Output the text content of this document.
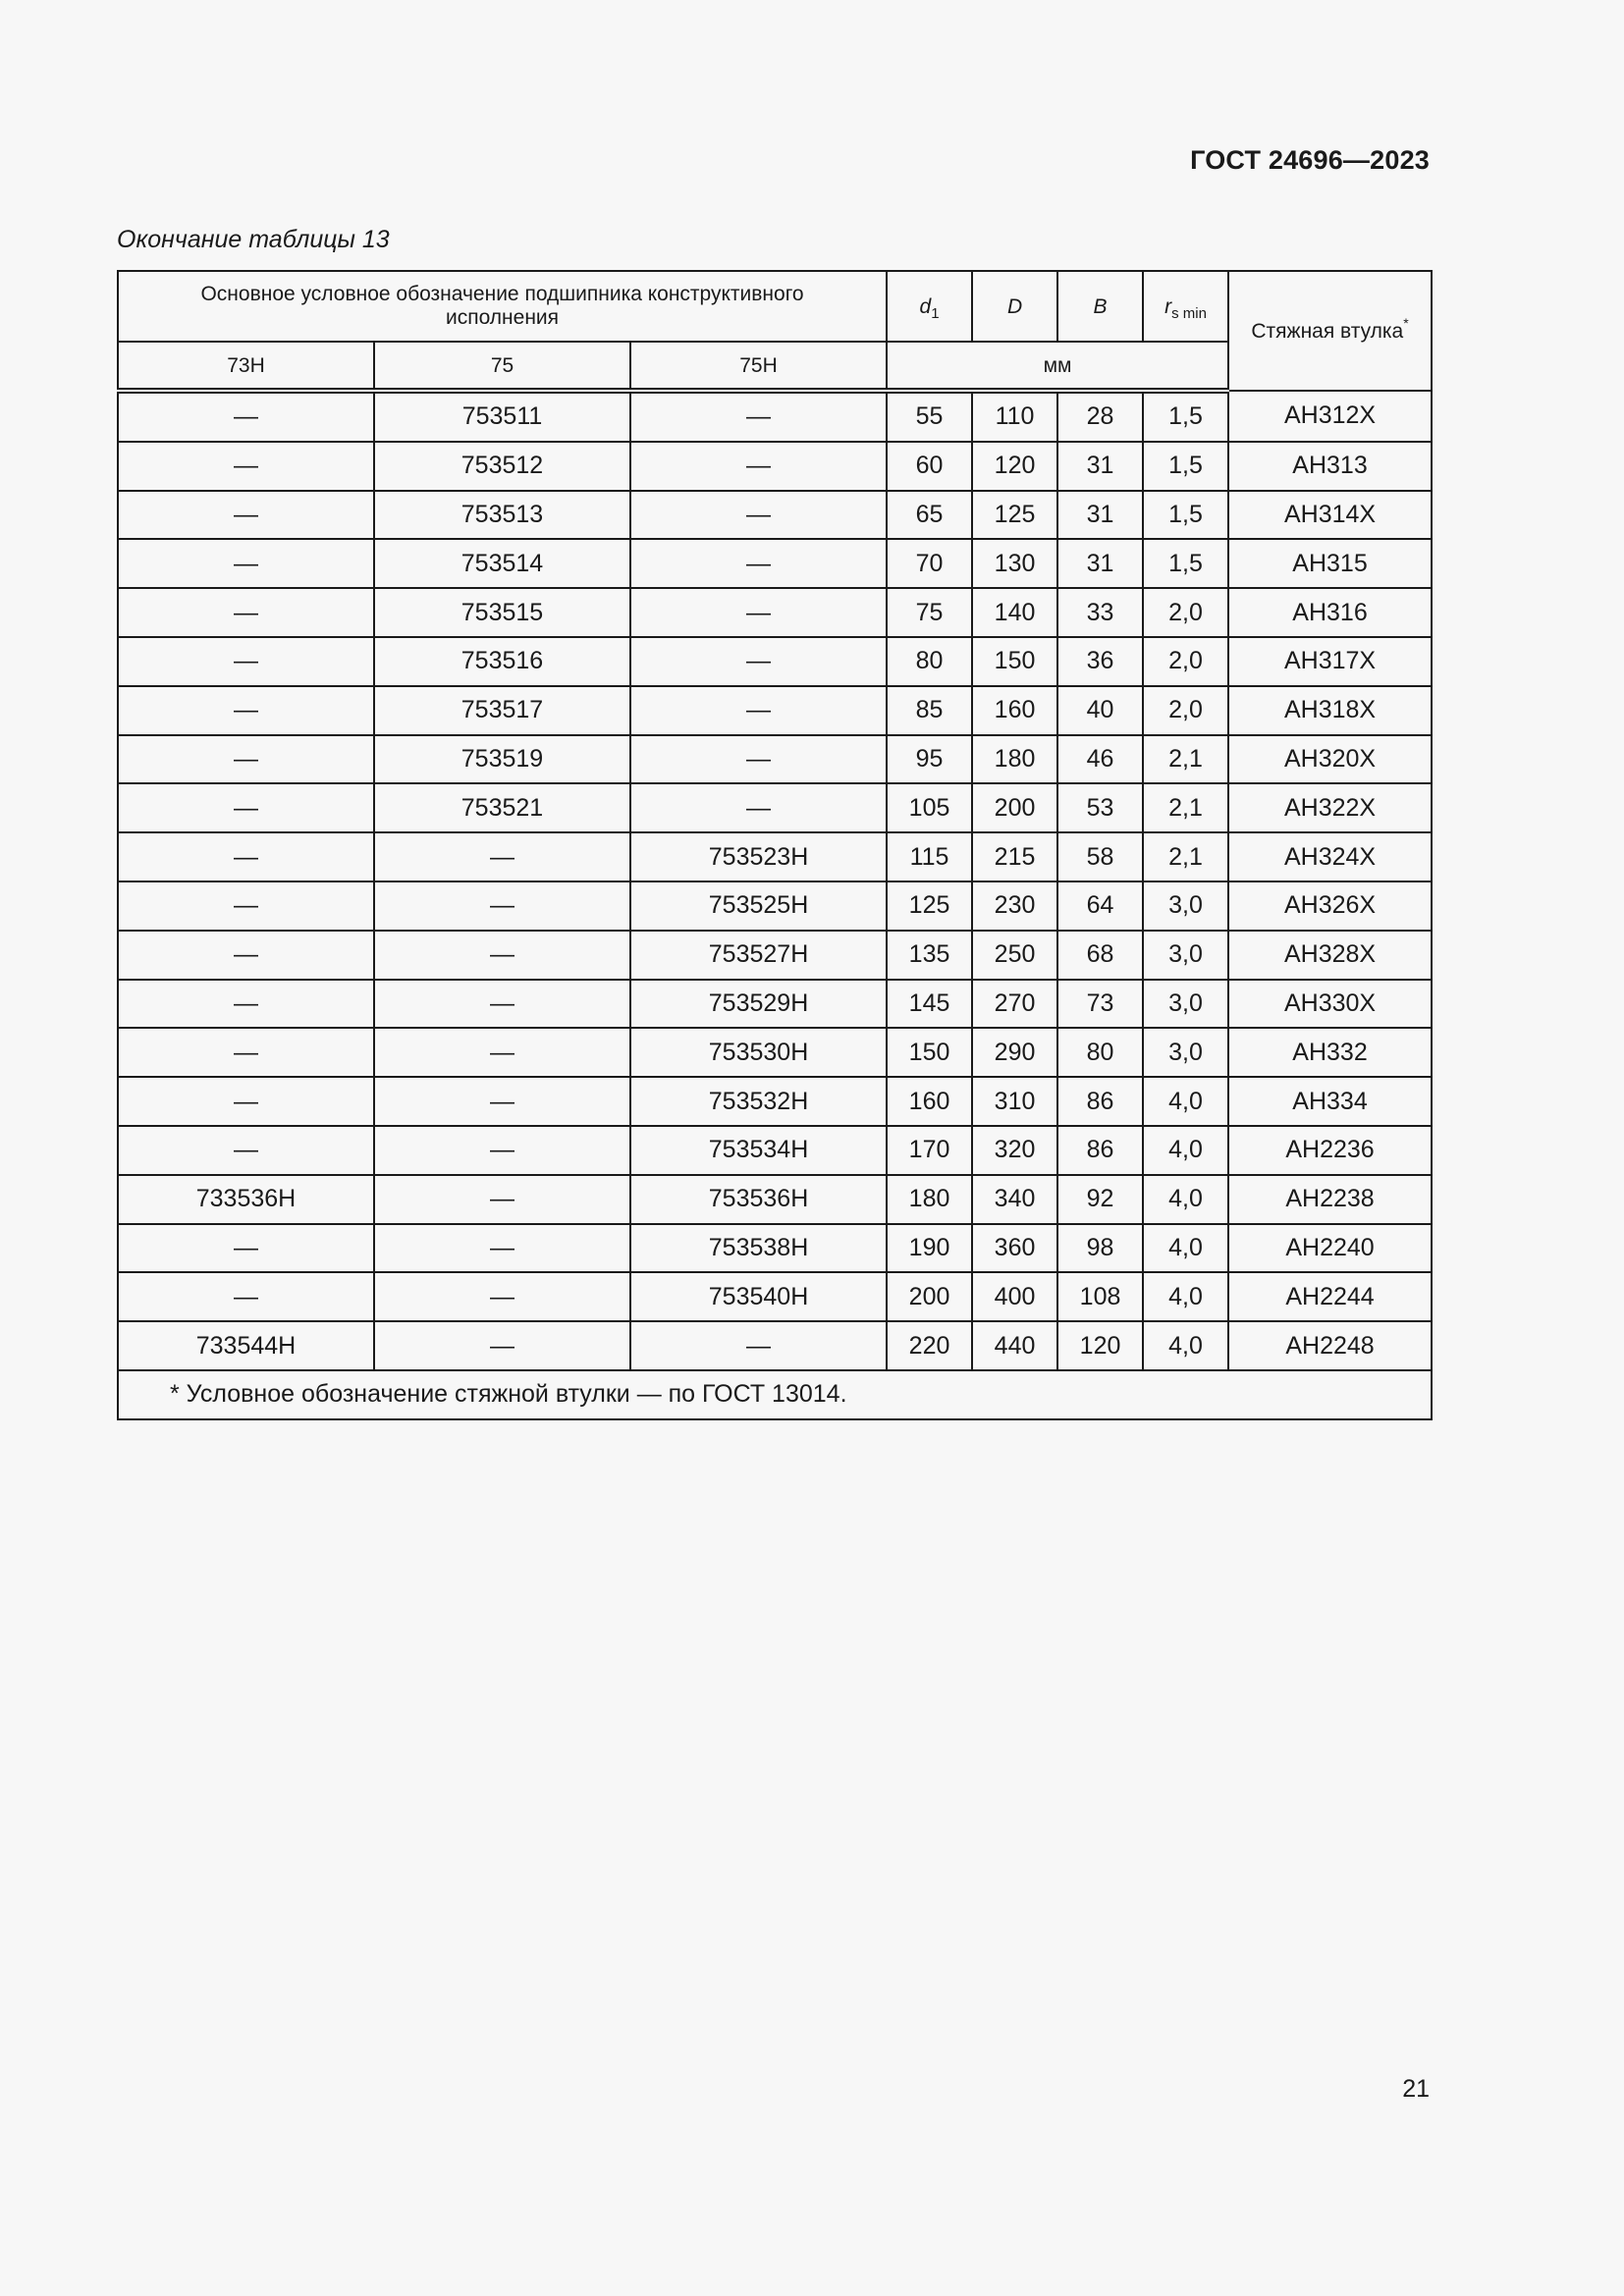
ГОСТ 24696—2023
Окончание таблицы 13
Основное условное обозначение подшипника конструктивного исполнения			$d_1$	D	B	$r_{s min}$	Стяжная втулка*
73H	75	75H	мм				
—	753511	—	55	110	28	1,5	AH312X
—	753512	—	60	120	31	1,5	AH313
—	753513	—	65	125	31	1,5	AH314X
—	753514	—	70	130	31	1,5	AH315
—	753515	—	75	140	33	2,0	AH316
—	753516	—	80	150	36	2,0	AH317X
—	753517	—	85	160	40	2,0	AH318X
—	753519	—	95	180	46	2,1	AH320X
—	753521	—	105	200	53	2,1	AH322X
—	—	753523H	115	215	58	2,1	AH324X
—	—	753525H	125	230	64	3,0	AH326X
—	—	753527H	135	250	68	3,0	AH328X
—	—	753529H	145	270	73	3,0	AH330X
—	—	753530H	150	290	80	3,0	AH332
—	—	753532H	160	310	86	4,0	AH334
—	—	753534H	170	320	86	4,0	AH2236
733536H	—	753536H	180	340	92	4,0	AH2238
—	—	753538H	190	360	98	4,0	AH2240
—	—	753540H	200	400	108	4,0	AH2244
733544H	—	—	220	440	120	4,0	AH2248
* Условное обозначение стяжной втулки — по ГОСТ 13014.							
21
